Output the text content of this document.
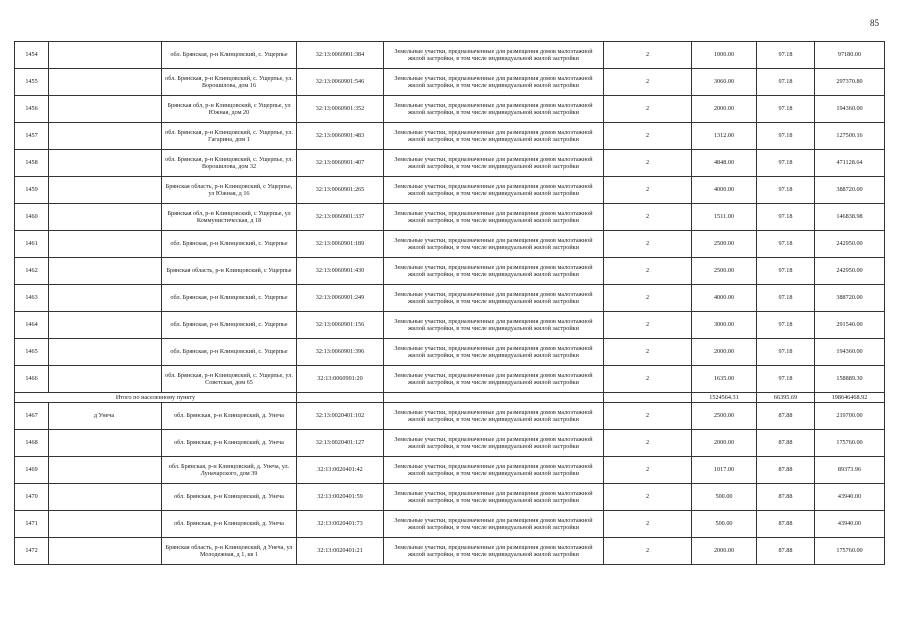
85
1454		обл. Брянская, р-н Клинцовский, с. Ущерпье	32:13:0060901:384	Земельные участки, предназначенные для размещения домов малоэтажной жилой застройки, в том числе индивидуальной жилой застройки	2	1000.00	97.18	97180.00
1455		обл. Брянская, р-н Клинцовский, с. Ущерпье, ул. Ворошилова, дом 16	32:13:0060901:546	Земельные участки, предназначенные для размещения домов малоэтажной жилой застройки, в том числе индивидуальной жилой застройки	2	3060.00	97.18	297370.80
1456		Брянская обл, р-н Клинцовский, с Ущерпье, ул Южная, дом 20	32:13:0060901:352	Земельные участки, предназначенные для размещения домов малоэтажной жилой застройки, в том числе индивидуальной жилой застройки	2	2000.00	97.18	194360.00
1457		обл. Брянская, р-н Клинцовский, с. Ущерпье, ул. Гагарина, дом 1	32:13:0060901:483	Земельные участки, предназначенные для размещения домов малоэтажной жилой застройки, в том числе индивидуальной жилой застройки	2	1312.00	97.18	127500.16
1458		обл. Брянская, р-н Клинцовский, с. Ущерпье, ул. Ворошилова, дом 32	32:13:0060901:407	Земельные участки, предназначенные для размещения домов малоэтажной жилой застройки, в том числе индивидуальной жилой застройки	2	4848.00	97.18	471128.64
1459		Брянская область, р-н Клинцовский, с Ущерпье, ул Южная, д 16	32:13:0060901:265	Земельные участки, предназначенные для размещения домов малоэтажной жилой застройки, в том числе индивидуальной жилой застройки	2	4000.00	97.18	388720.00
1460		Брянская обл, р-н Клинцовский, с Ущерпье, ул Коммунистическая, д 18	32:13:0060901:337	Земельные участки, предназначенные для размещения домов малоэтажной жилой застройки, в том числе индивидуальной жилой застройки	2	1511.00	97.18	146838.98
1461		обл. Брянская, р-н Клинцовский, с. Ущерпье	32:13:0060901:189	Земельные участки, предназначенные для размещения домов малоэтажной жилой застройки, в том числе индивидуальной жилой застройки	2	2500.00	97.18	242950.00
1462		Брянская область, р-н Клинцовский, с Ущерпье	32:13:0060901:430	Земельные участки, предназначенные для размещения домов малоэтажной жилой застройки, в том числе индивидуальной жилой застройки	2	2500.00	97.18	242950.00
1463		обл. Брянская, р-н Клинцовский, с. Ущерпье	32:13:0060901:249	Земельные участки, предназначенные для размещения домов малоэтажной жилой застройки, в том числе индивидуальной жилой застройки	2	4000.00	97.18	388720.00
1464		обл. Брянская, р-н Клинцовский, с. Ущерпье	32:13:0060901:156	Земельные участки, предназначенные для размещения домов малоэтажной жилой застройки, в том числе индивидуальной жилой застройки	2	3000.00	97.18	291540.00
1465		обл. Брянская, р-н Клинцовский, с. Ущерпье	32:13:0060901:396	Земельные участки, предназначенные для размещения домов малоэтажной жилой застройки, в том числе индивидуальной жилой застройки	2	2000.00	97.18	194360.00
1466		обл. Брянская, р-н Клинцовский, с. Ущерпье, ул. Советская, дом 65	32:13:0060901:20	Земельные участки, предназначенные для размещения домов малоэтажной жилой застройки, в том числе индивидуальной жилой застройки	2	1635.00	97.18	158889.30
Итого по населенному пункту						1524564.31	66395.69	198646468.92
1467	д Унеча	обл. Брянская, р-н Клинцовский, д. Унеча	32:13:0020401:102	Земельные участки, предназначенные для размещения домов малоэтажной жилой застройки, в том числе индивидуальной жилой застройки	2	2500.00	87.88	219700.00
1468		обл. Брянская, р-н Клинцовский, д. Унеча	32:13:0020401:127	Земельные участки, предназначенные для размещения домов малоэтажной жилой застройки, в том числе индивидуальной жилой застройки	2	2000.00	87.88	175760.00
1469		обл. Брянская, р-н Клинцовский, д. Унеча, ул. Луначарского, дом 39	32:13:0020401:42	Земельные участки, предназначенные для размещения домов малоэтажной жилой застройки, в том числе индивидуальной жилой застройки	2	1017.00	87.88	89373.96
1470		обл. Брянская, р-н Клинцовский, д. Унеча	32:13:0020401:59	Земельные участки, предназначенные для размещения домов малоэтажной жилой застройки, в том числе индивидуальной жилой застройки	2	500.00	87.88	43940.00
1471		обл. Брянская, р-н Клинцовский, д. Унеча	32:13:0020401:73	Земельные участки, предназначенные для размещения домов малоэтажной жилой застройки, в том числе индивидуальной жилой застройки	2	500.00	87.88	43940.00
1472		Брянская область, р-н Клинцовский, д Унеча, ул Молодежная, д 1, кв 1	32:13:0020401:21	Земельные участки, предназначенные для размещения домов малоэтажной жилой застройки, в том числе индивидуальной жилой застройки	2	2000.00	87.88	175760.00
